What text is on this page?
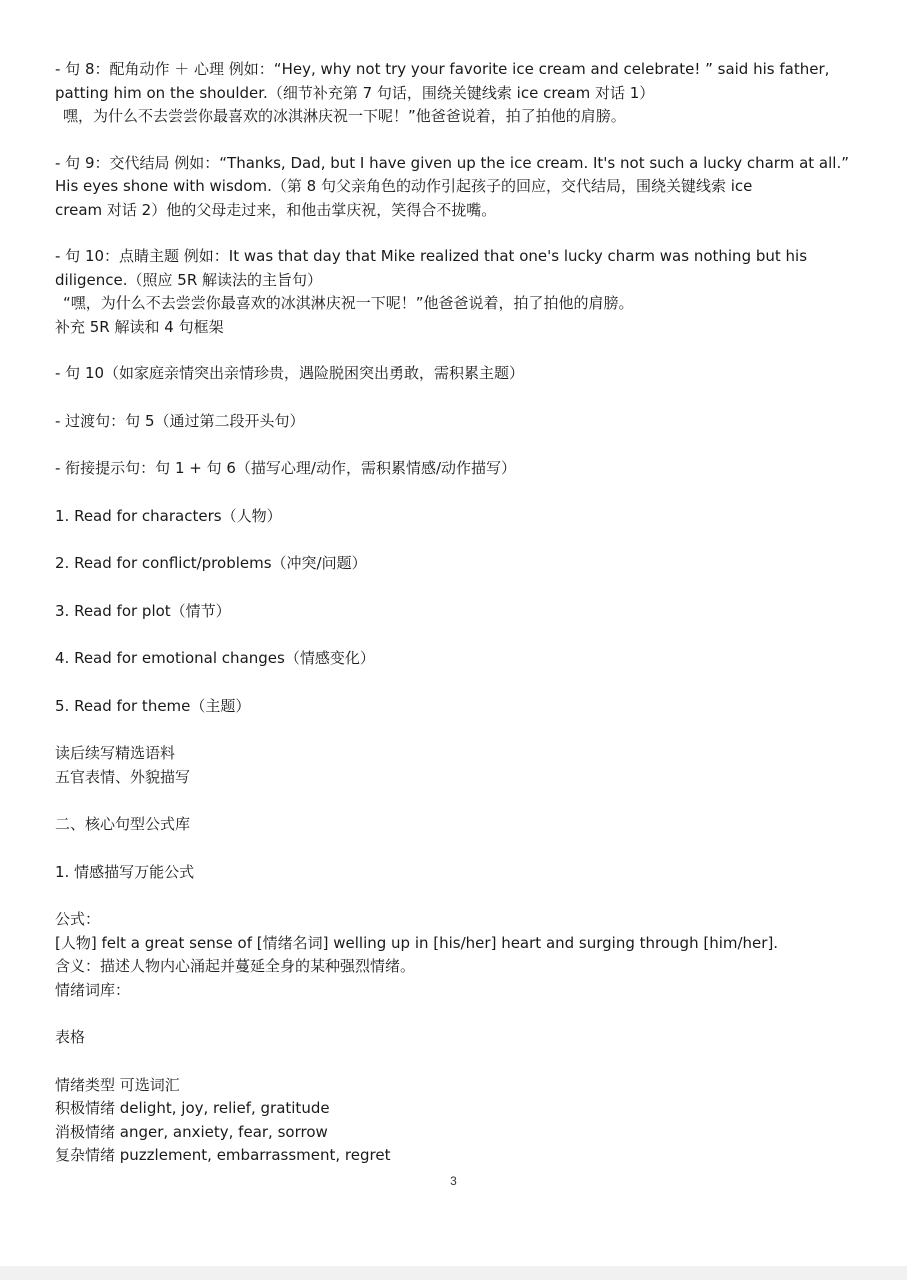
- 句 8：配角动作 ＋ 心理 例如：“Hey, why not try your favorite ice cream and celebrate! ” said his father,

patting him on the shoulder.（细节补充第 7 句话，围绕关键线索 ice cream 对话 1）

嘿，为什么不去尝尝你最喜欢的冰淇淋庆祝一下呢！”他爸爸说着，拍了拍他的肩膀。

- 句 9：交代结局 例如：“Thanks, Dad, but I have given up the ice cream. It's not such a lucky charm at all.”

His eyes shone with wisdom.（第 8 句父亲角色的动作引起孩子的回应，交代结局，围绕关键线索 ice

cream 对话 2）他的父母走过来，和他击掌庆祝，笑得合不拢嘴。

- 句 10：点睛主题 例如：It was that day that Mike realized that one's lucky charm was nothing but his

diligence.（照应 5R 解读法的主旨句）

“嘿，为什么不去尝尝你最喜欢的冰淇淋庆祝一下呢！”他爸爸说着，拍了拍他的肩膀。

补充 5R 解读和 4 句框架

- 句 10（如家庭亲情突出亲情珍贵，遇险脱困突出勇敢，需积累主题）

- 过渡句：句 5（通过第二段开头句）

- 衔接提示句：句 1 + 句 6（描写心理/动作，需积累情感/动作描写）

1. Read for characters（人物）

2. Read for conflict/problems（冲突/问题）

3. Read for plot（情节）

4. Read for emotional changes（情感变化）

5. Read for theme（主题）

读后续写精选语料

五官表情、外貌描写

二、核心句型公式库

1. 情感描写万能公式

公式：

[人物] felt a great sense of [情绪名词] welling up in [his/her] heart and surging through [him/her].

含义：描述人物内心涌起并蔓延全身的某种强烈情绪。

情绪词库：

表格

情绪类型 可选词汇

积极情绪 delight, joy, relief, gratitude

消极情绪 anger, anxiety, fear, sorrow

复杂情绪 puzzlement, embarrassment, regret

3
